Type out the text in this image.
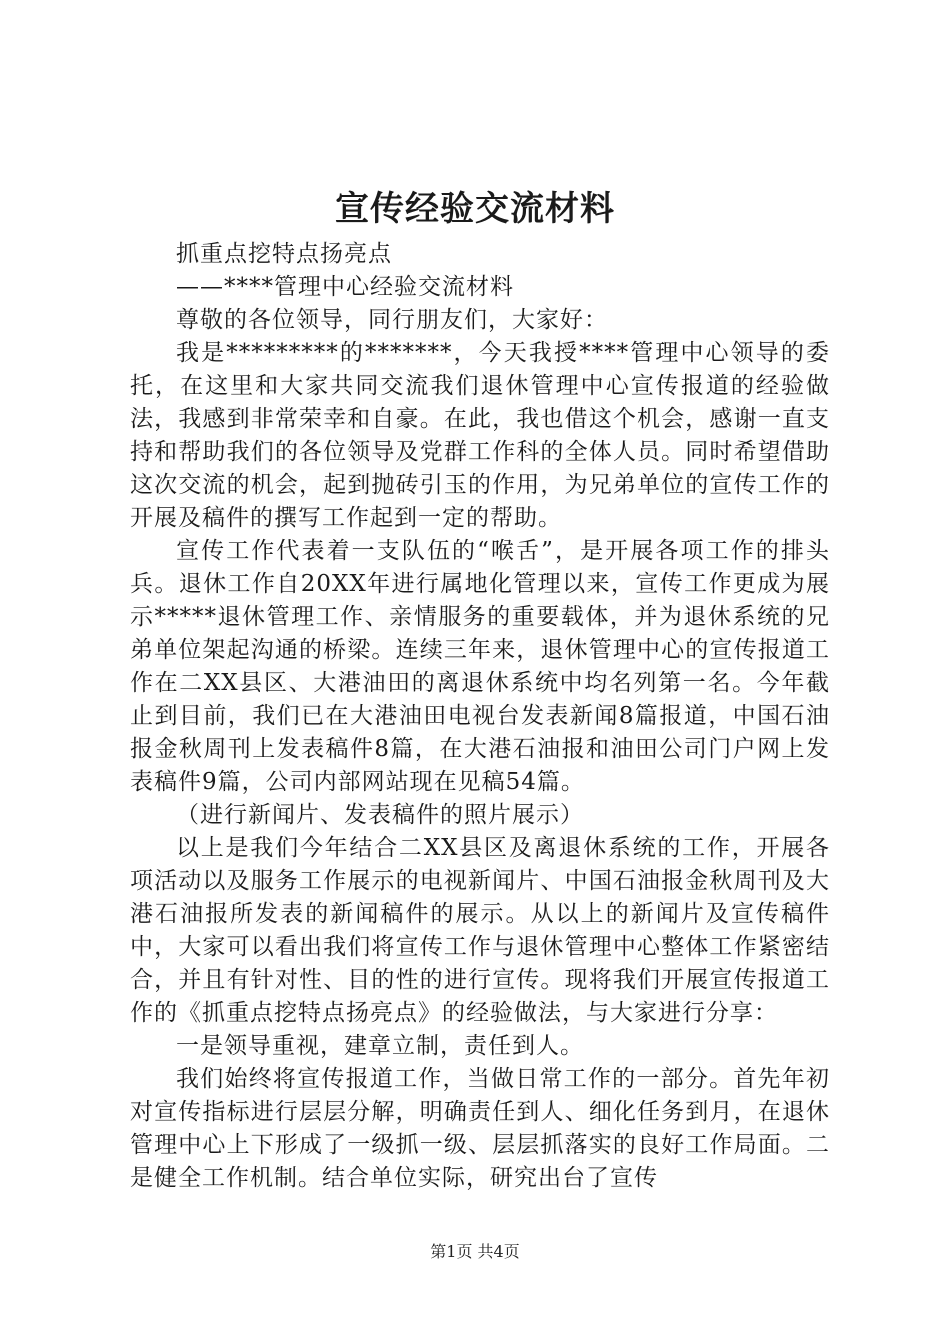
宣传经验交流材料

抓重点挖特点扬亮点

——****管理中心经验交流材料

尊敬的各位领导，同行朋友们，大家好：

我是*********的*******，今天我授****管理中心领导的委托，在这里和大家共同交流我们退休管理中心宣传报道的经验做法，我感到非常荣幸和自豪。在此，我也借这个机会，感谢一直支持和帮助我们的各位领导及党群工作科的全体人员。同时希望借助这次交流的机会，起到抛砖引玉的作用，为兄弟单位的宣传工作的开展及稿件的撰写工作起到一定的帮助。

宣传工作代表着一支队伍的“喉舌”，是开展各项工作的排头兵。退休工作自20XX年进行属地化管理以来，宣传工作更成为展示*****退休管理工作、亲情服务的重要载体，并为退休系统的兄弟单位架起沟通的桥梁。连续三年来，退休管理中心的宣传报道工作在二XX县区、大港油田的离退休系统中均名列第一名。今年截止到目前，我们已在大港油田电视台发表新闻8篇报道，中国石油报金秋周刊上发表稿件8篇，在大港石油报和油田公司门户网上发表稿件9篇，公司内部网站现在见稿54篇。

（进行新闻片、发表稿件的照片展示）

以上是我们今年结合二XX县区及离退休系统的工作，开展各项活动以及服务工作展示的电视新闻片、中国石油报金秋周刊及大港石油报所发表的新闻稿件的展示。从以上的新闻片及宣传稿件中，大家可以看出我们将宣传工作与退休管理中心整体工作紧密结合，并且有针对性、目的性的进行宣传。现将我们开展宣传报道工作的《抓重点挖特点扬亮点》的经验做法，与大家进行分享：

一是领导重视，建章立制，责任到人。

我们始终将宣传报道工作，当做日常工作的一部分。首先年初对宣传指标进行层层分解，明确责任到人、细化任务到月，在退休管理中心上下形成了一级抓一级、层层抓落实的良好工作局面。二是健全工作机制。结合单位实际，研究出台了宣传

第1页 共4页
